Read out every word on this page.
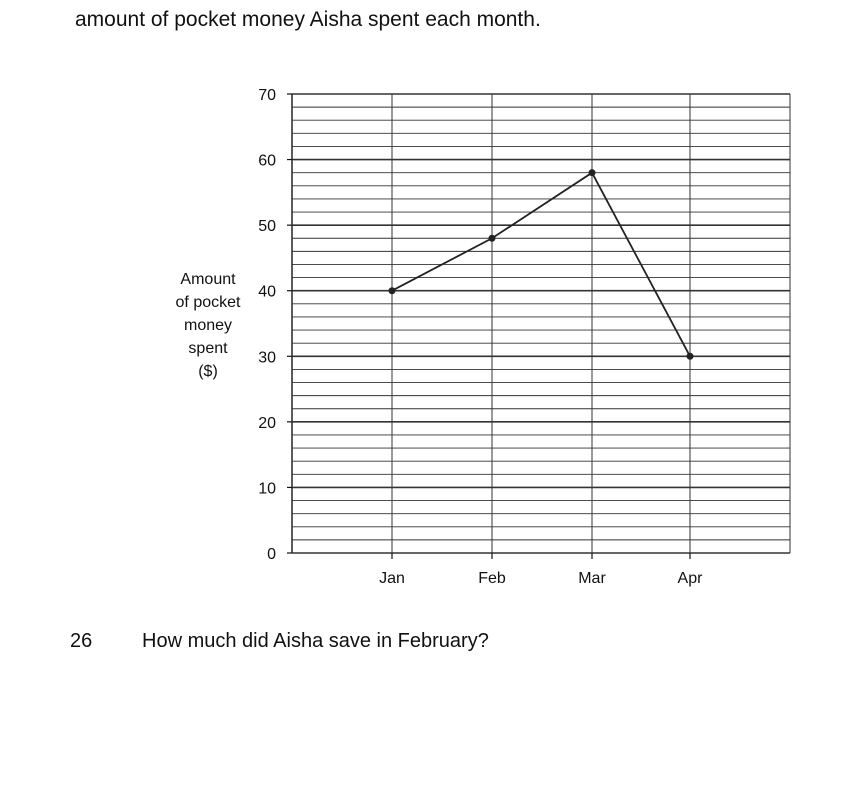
amount of pocket money Aisha spent each month.
Amount
of pocket
money
spent
($)
0
10
20
30
40
50
60
70
Jan	Feb	Mar	Apr
26 How much did Aisha save in February?
